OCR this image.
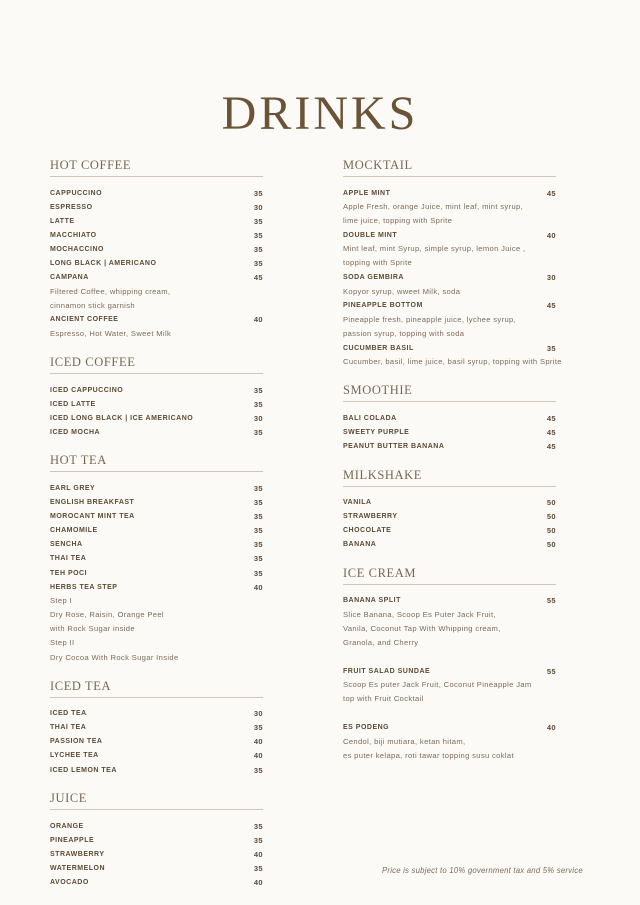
DRINKS
HOT COFFEE
CAPPUCCINO	35
ESPRESSO	30
LATTE	35
MACCHIATO	35
MOCHACCINO	35
LONG BLACK | AMERICANO	35
CAMPANA	45
Filtered Coffee, whipping cream,
cinnamon stick garnish
ANCIENT COFFEE	40
Espresso, Hot Water, Sweet Milk
ICED COFFEE
ICED CAPPUCCINO	35
ICED LATTE	35
ICED LONG BLACK | ICE AMERICANO	30
ICED MOCHA	35
HOT TEA
EARL GREY	35
ENGLISH BREAKFAST	35
MOROCANT MINT TEA	35
CHAMOMILE	35
SENCHA	35
THAI TEA	35
TEH POCI	35
HERBS TEA STEP	40
Step I
Dry Rose, Raisin, Orange Peel
with Rock Sugar inside
Step II
Dry Cocoa With Rock Sugar Inside
ICED TEA
ICED TEA	30
THAI TEA	35
PASSION TEA	40
LYCHEE TEA	40
ICED LEMON TEA	35
JUICE
ORANGE	35
PINEAPPLE	35
STRAWBERRY	40
WATERMELON	35
AVOCADO	40
MOCKTAIL
APPLE MINT	45
Apple Fresh, orange Juice, mint leaf, mint syrup,
lime juice, topping with Sprite
DOUBLE MINT	40
Mint leaf, mint Syrup, simple syrup, lemon Juice ,
topping with Sprite
SODA GEMBIRA	30
Kopyor syrup, wweet Milk, soda
PINEAPPLE BOTTOM	45
Pineapple fresh, pineapple juice, lychee syrup,
passion syrup, topping with soda
CUCUMBER BASIL	35
Cucumber, basil, lime juice, basil syrup, topping with Sprite
SMOOTHIE
BALI COLADA	45
SWEETY PURPLE	45
PEANUT BUTTER BANANA	45
MILKSHAKE
VANILA	50
STRAWBERRY	50
CHOCOLATE	50
BANANA	50
ICE CREAM
BANANA SPLIT	55
Slice Banana, Scoop Es Puter Jack Fruit,
Vanila, Coconut Tap With Whipping cream,
Granola, and Cherry
FRUIT SALAD SUNDAE	55
Scoop Es puter Jack Fruit, Coconut Pineapple Jam
top with Fruit Cocktail
ES PODENG	40
Cendol, biji mutiara, ketan hitam,
es puter kelapa, roti tawar topping susu coklat
Price is subject to 10% government tax and 5% service
